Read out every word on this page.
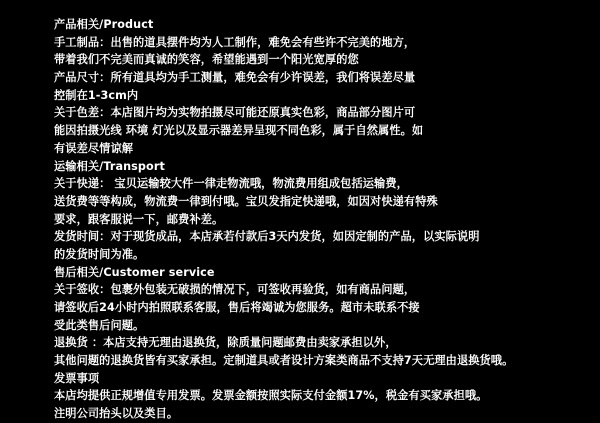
产品相关/Product
手工制品：出售的道具摆件均为人工制作，难免会有些许不完美的地方，
带着我们不完美而真诚的笑容，希望能遇到一个阳光宽厚的您
产品尺寸：所有道具均为手工测量，难免会有少许误差，我们将误差尽量
控制在1-3cm内
关于色差：本店图片均为实物拍摄尽可能还原真实色彩，商品部分图片可
能因拍摄光线 环境 灯光以及显示器差异呈现不同色彩，属于自然属性。如
有误差尽情谅解
运输相关/Transport
关于快递： 宝贝运输较大件一律走物流哦，物流费用组成包括运输费，
送货费等等构成，物流费一律到付哦。宝贝发指定快递哦，如因对快递有特殊
要求，跟客服说一下，邮费补差。
发货时间：对于现货成品，本店承若付款后3天内发货，如因定制的产品，以实际说明
的发货时间为准。
售后相关/Customer service
关于签收：包裹外包装无破损的情况下，可签收再验货，如有商品问题，
请签收后24小时内拍照联系客服，售后将竭诚为您服务。超市未联系不接
受此类售后问题。
退换货 ：本店支持无理由退换货，除质量问题邮费由卖家承担以外，
其他问题的退换货皆有买家承担。定制道具或者设计方案类商品不支持7天无理由退换货哦。
发票事项
本店均提供正规增值专用发票。发票金额按照实际支付金额17%，税金有买家承担哦。
注明公司抬头以及类目。
